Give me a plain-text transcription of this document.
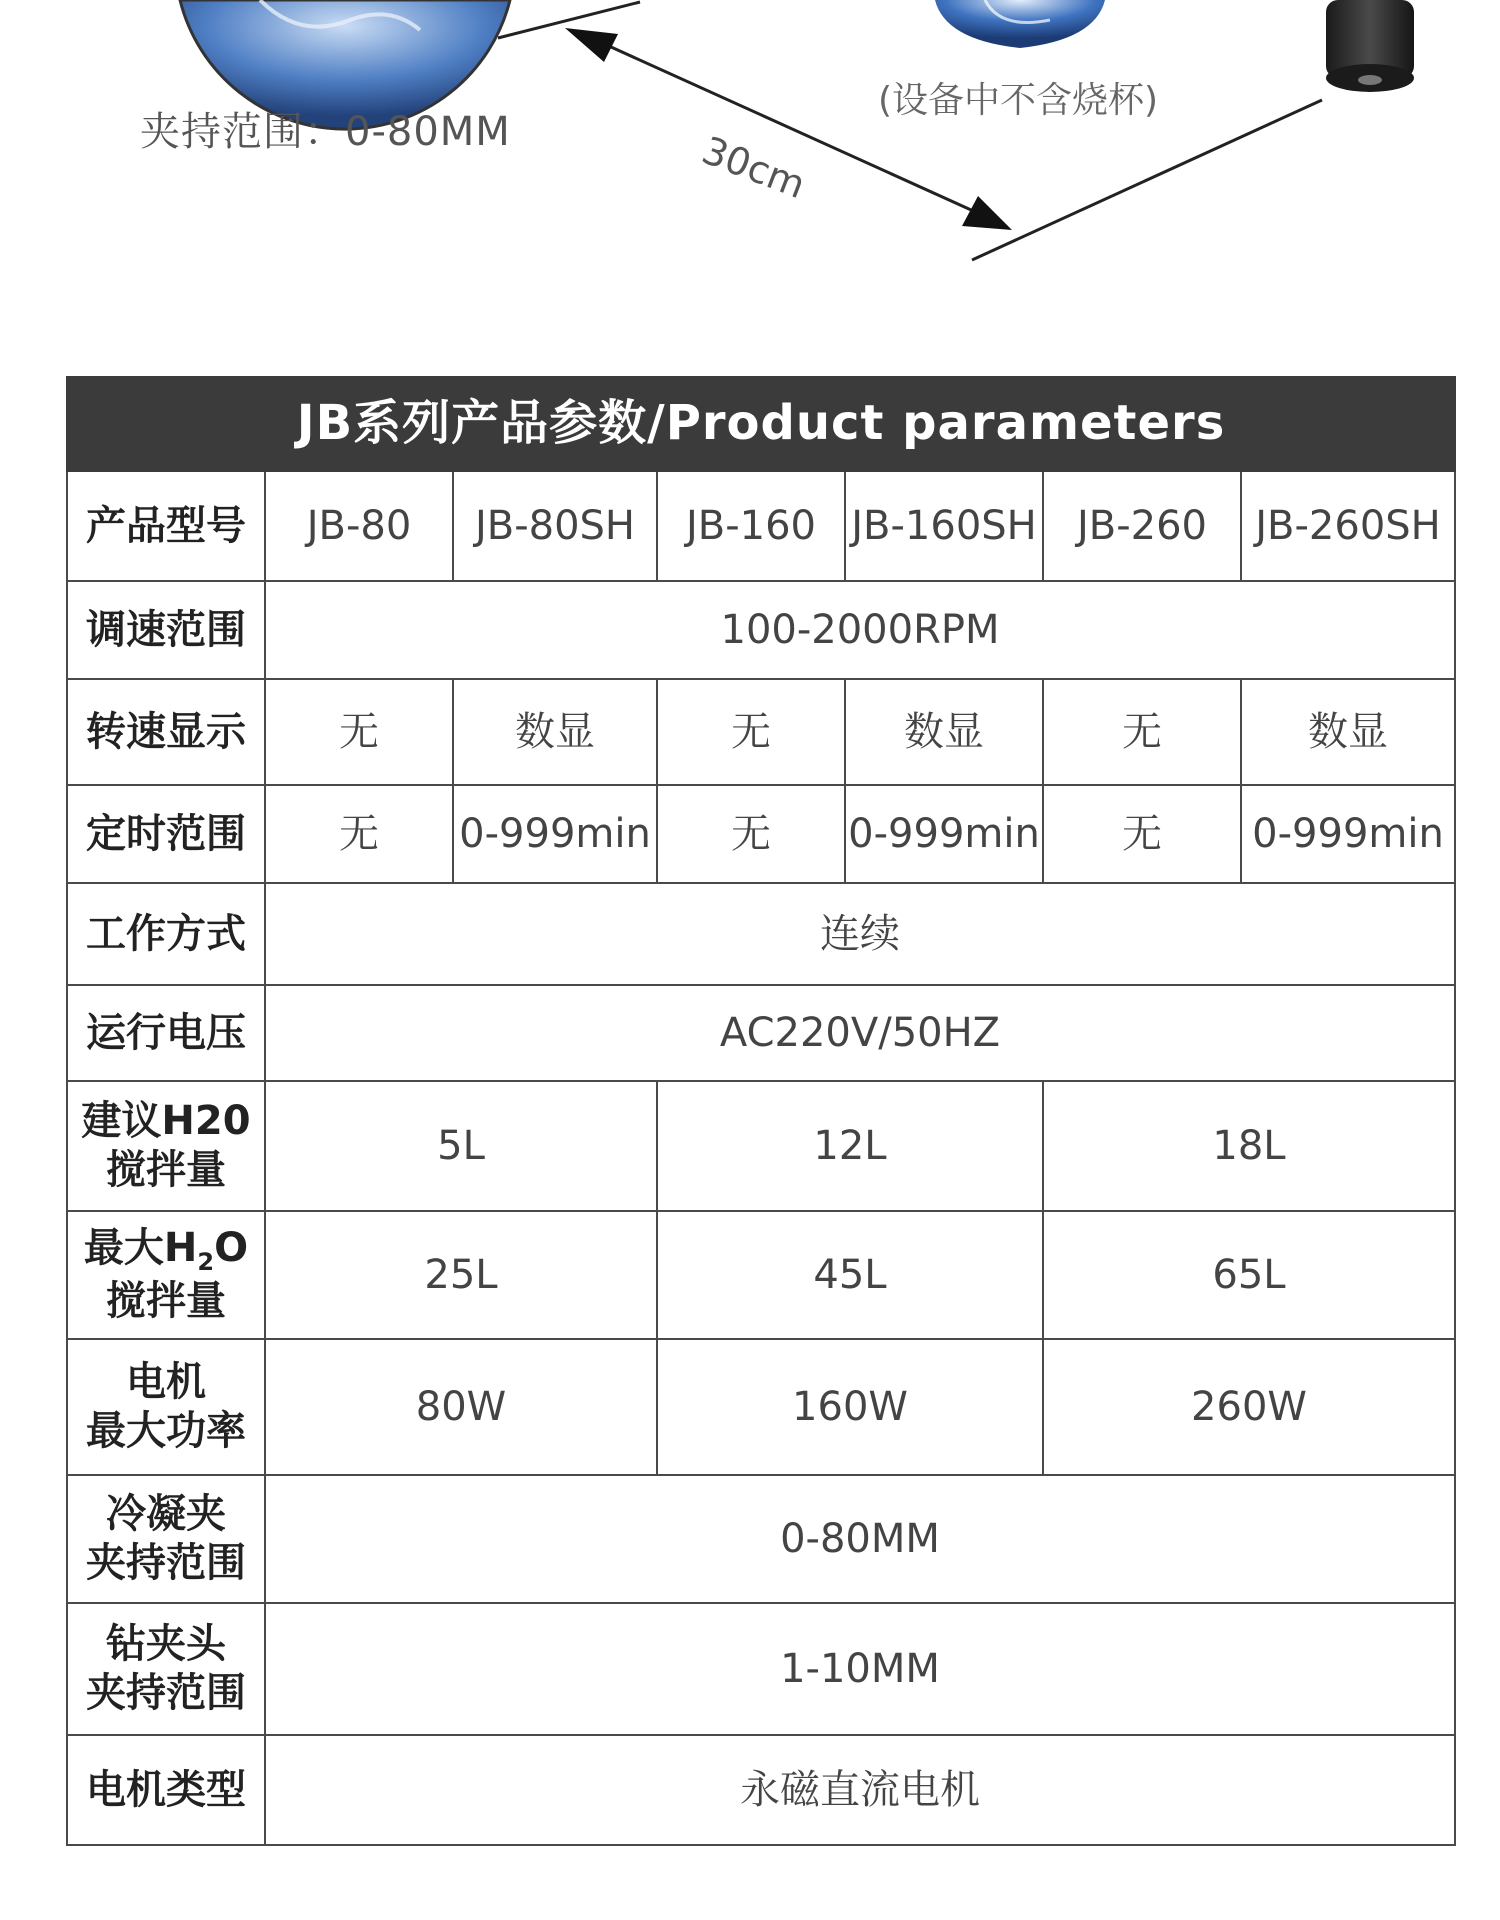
夹持范围：0-80MM
(设备中不含烧杯)
30cm
JB系列产品参数/Product parameters						
产品型号	JB-80	JB-80SH	JB-160	JB-160SH	JB-260	JB-260SH
调速范围	100-2000RPM					
转速显示	无	数显	无	数显	无	数显
定时范围	无	0-999min	无	0-999min	无	0-999min
工作方式	连续					
运行电压	AC220V/50HZ					
建议H20
搅拌量	5L		12L		18L	
最大$H_2O$
搅拌量	25L		45L		65L	
电机
最大功率	80W		160W		260W	
冷凝夹
夹持范围	0-80MM					
钻夹头
夹持范围	1-10MM					
电机类型	永磁直流电机					
